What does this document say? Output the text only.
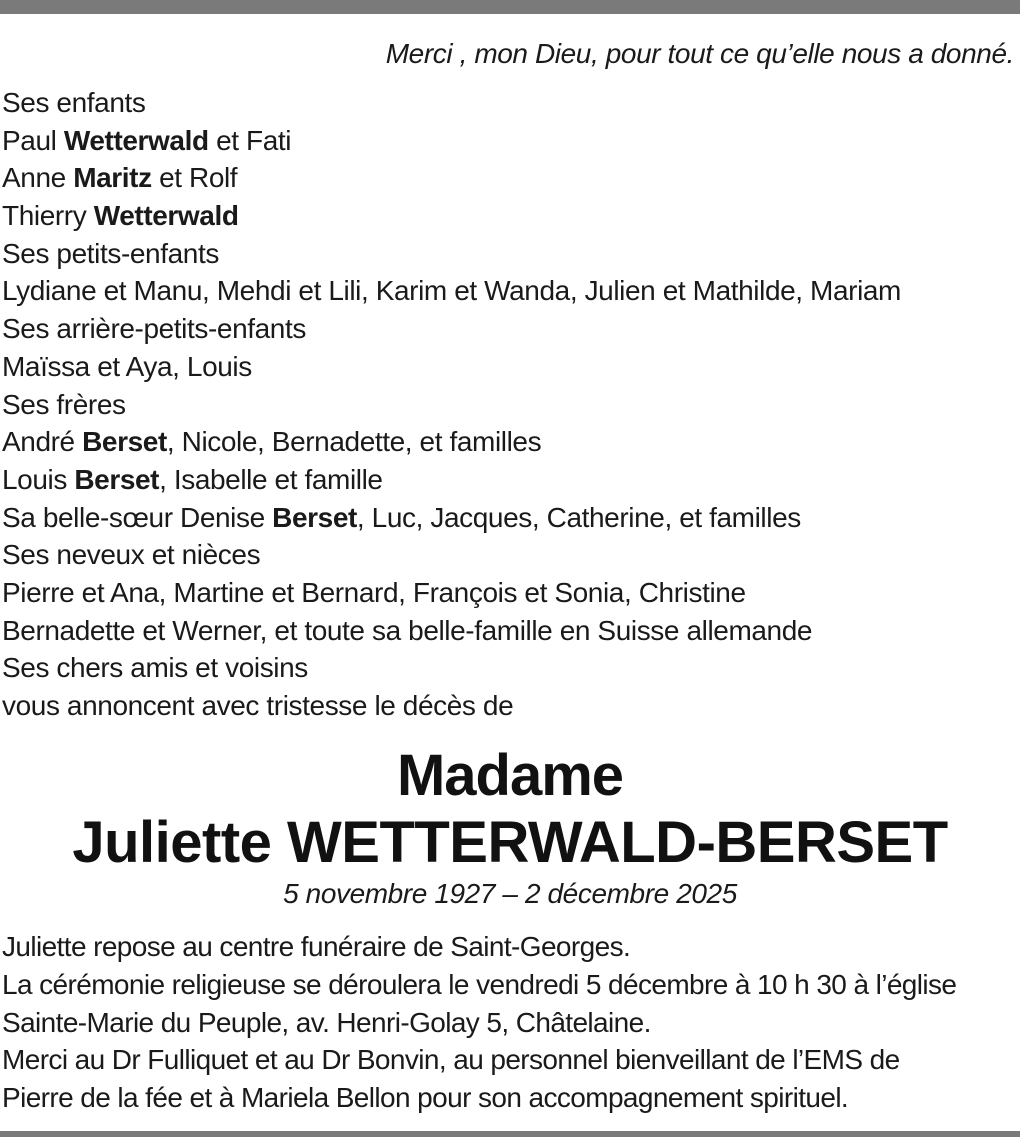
Merci , mon Dieu, pour tout ce qu’elle nous a donné.
Ses enfants
Paul Wetterwald et Fati
Anne Maritz et Rolf
Thierry Wetterwald
Ses petits-enfants
Lydiane et Manu, Mehdi et Lili, Karim et Wanda, Julien et Mathilde, Mariam
Ses arrière-petits-enfants
Maïssa et Aya, Louis
Ses frères
André Berset, Nicole, Bernadette, et familles
Louis Berset, Isabelle et famille
Sa belle-sœur Denise Berset, Luc, Jacques, Catherine, et familles
Ses neveux et nièces
Pierre et Ana, Martine et Bernard, François et Sonia, Christine
Bernadette et Werner, et toute sa belle-famille en Suisse allemande
Ses chers amis et voisins
vous annoncent avec tristesse le décès de
Madame
Juliette WETTERWALD-BERSET
5 novembre 1927 – 2 décembre 2025
Juliette repose au centre funéraire de Saint-Georges.
La cérémonie religieuse se déroulera le vendredi 5 décembre à 10 h 30 à l’église
Sainte-Marie du Peuple, av. Henri-Golay 5, Châtelaine.
Merci au Dr Fulliquet et au Dr Bonvin, au personnel bienveillant de l’EMS de
Pierre de la fée et à Mariela Bellon pour son accompagnement spirituel.
